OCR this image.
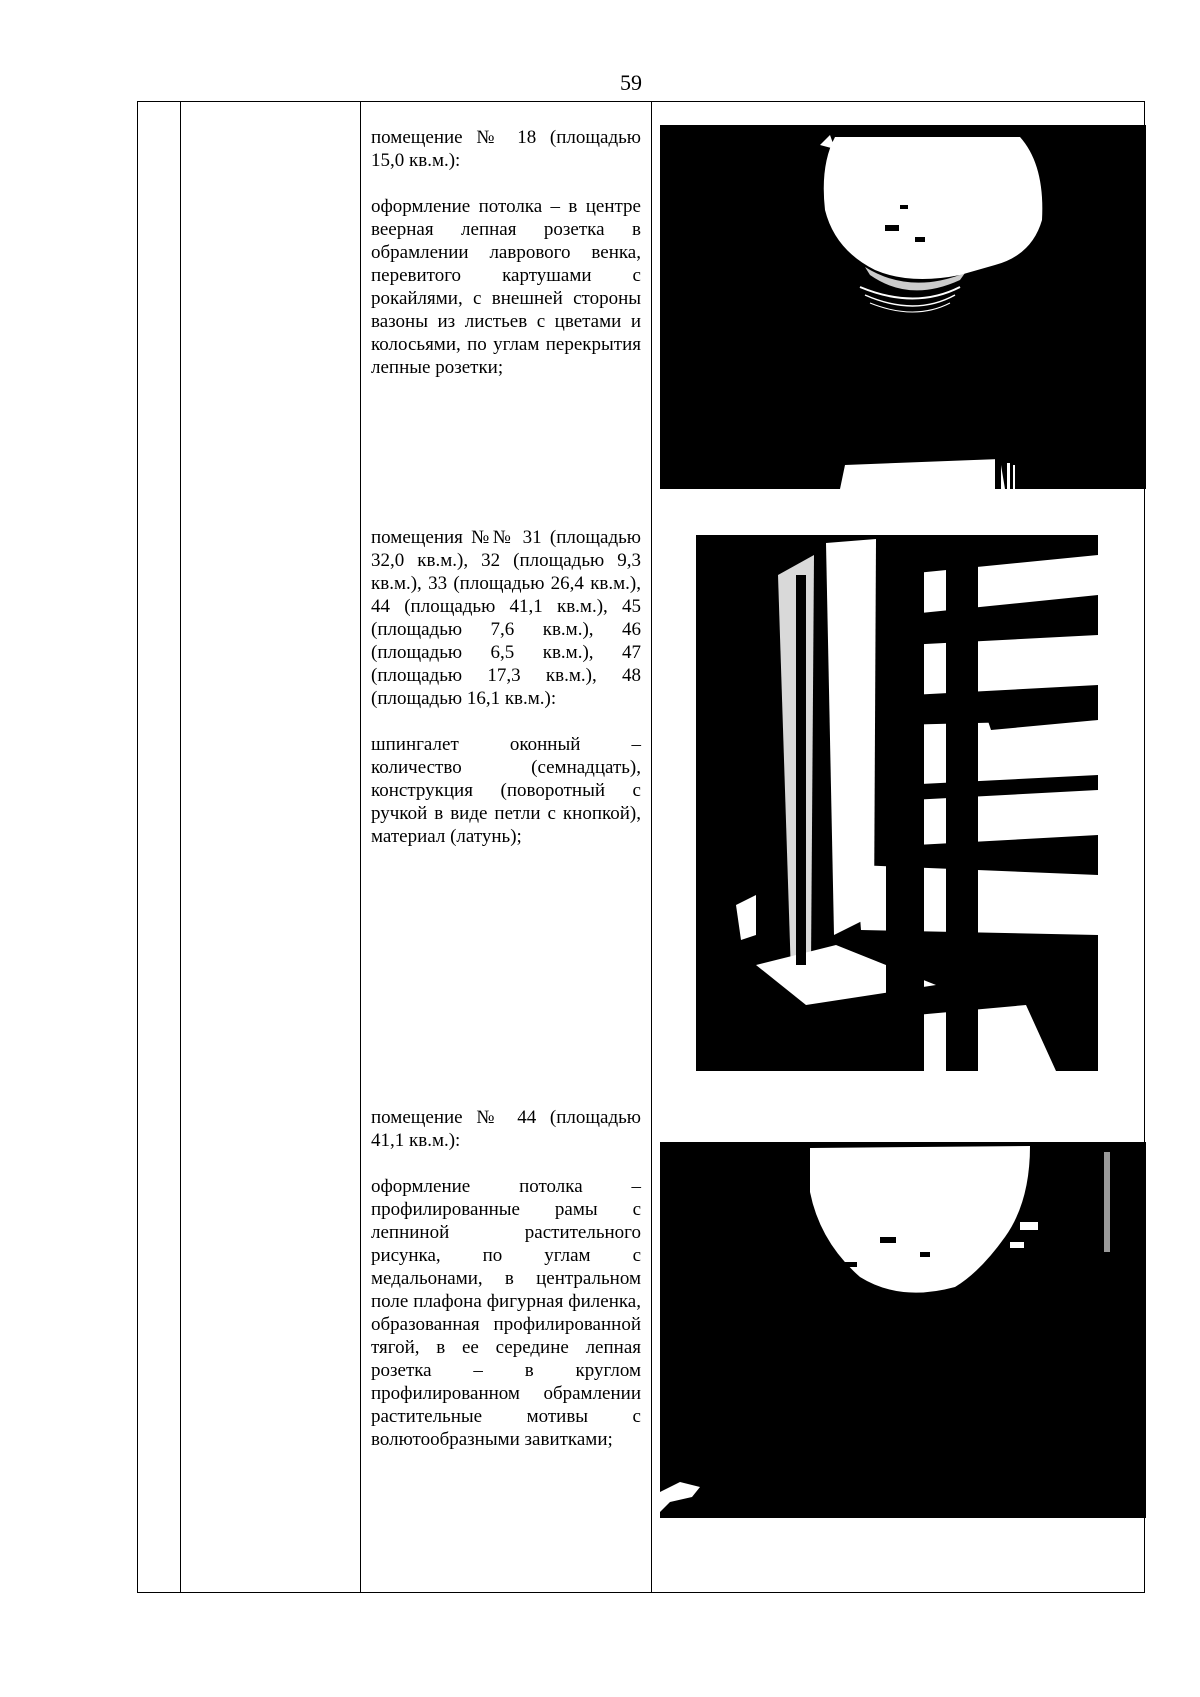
59

помещение № 18 (площадью 15,0 кв.м.):

оформление потолка – в центре веерная лепная розетка в обрамлении лаврового венка, перевитого картушами с рокайлями, с внешней стороны вазоны из листьев с цветами и колосьями, по углам перекрытия лепные розетки;

помещения №№ 31 (площадью 32,0 кв.м.), 32 (площадью 9,3 кв.м.), 33 (площадью 26,4 кв.м.), 44 (площадью 41,1 кв.м.), 45 (площадью 7,6 кв.м.), 46 (площадью 6,5 кв.м.), 47 (площадью 17,3 кв.м.), 48 (площадью 16,1 кв.м.):

шпингалет оконный – количество (семнадцать), конструкция (поворотный с ручкой в виде петли с кнопкой), материал (латунь);

помещение № 44 (площадью 41,1 кв.м.):

оформление потолка – профилированные рамы с лепниной растительного рисунка, по углам с медальонами, в центральном поле плафона фигурная филенка, образованная профилированной тягой, в ее середине лепная розетка – в круглом профилированном обрамлении растительные мотивы с волютообразными завитками;
